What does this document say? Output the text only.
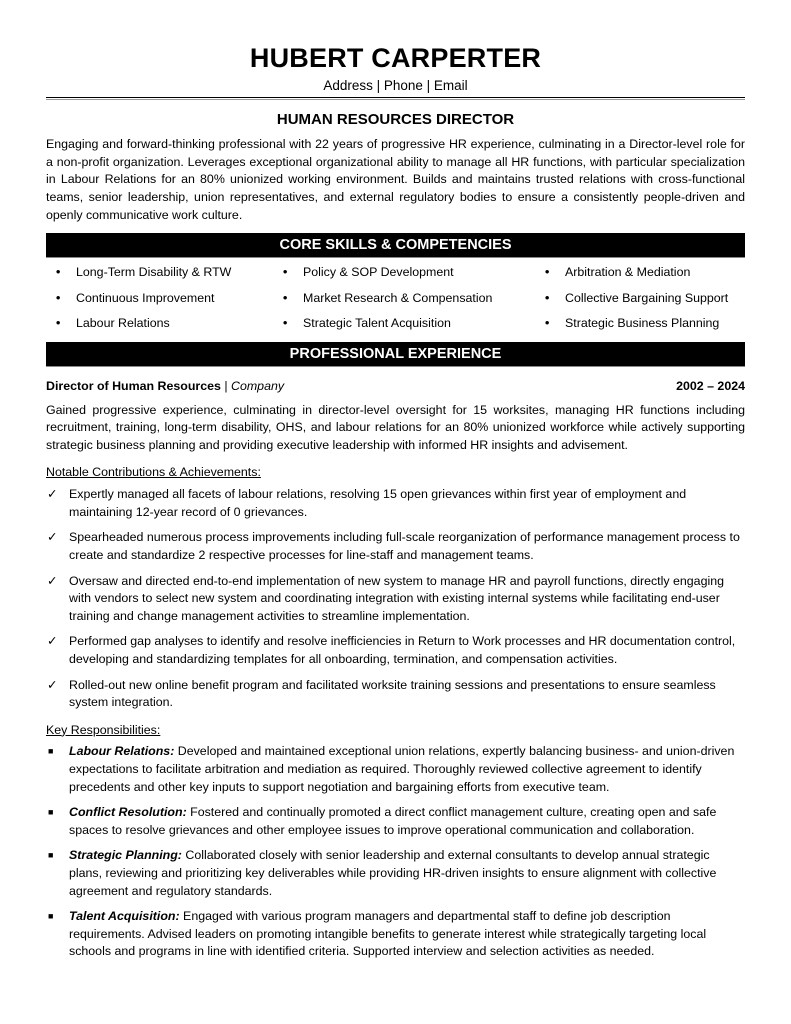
HUBERT CARPERTER
Address | Phone | Email
HUMAN RESOURCES DIRECTOR

Engaging and forward-thinking professional with 22 years of progressive HR experience, culminating in a Director-level role for a non-profit organization. Leverages exceptional organizational ability to manage all HR functions, with particular specialization in Labour Relations for an 80% unionized working environment. Builds and maintains trusted relations with cross-functional teams, senior leadership, union representatives, and external regulatory bodies to ensure a consistently people-driven and openly communicative work culture.

CORE SKILLS & COMPETENCIES
• Long-Term Disability & RTW	• Policy & SOP Development	• Arbitration & Mediation
• Continuous Improvement	• Market Research & Compensation	• Collective Bargaining Support
• Labour Relations	• Strategic Talent Acquisition	• Strategic Business Planning
PROFESSIONAL EXPERIENCE
Director of Human Resources | Company	2002 – 2024

Gained progressive experience, culminating in director-level oversight for 15 worksites, managing HR functions including recruitment, training, long-term disability, OHS, and labour relations for an 80% unionized workforce while actively supporting strategic business planning and providing executive leadership with informed HR insights and advisement.

Notable Contributions & Achievements:
✓ Expertly managed all facets of labour relations, resolving 15 open grievances within first year of employment and maintaining 12-year record of 0 grievances.
✓ Spearheaded numerous process improvements including full-scale reorganization of performance management process to create and standardize 2 respective processes for line-staff and management teams.
✓ Oversaw and directed end-to-end implementation of new system to manage HR and payroll functions, directly engaging with vendors to select new system and coordinating integration with existing internal systems while facilitating end-user training and change management activities to streamline implementation.
✓ Performed gap analyses to identify and resolve inefficiencies in Return to Work processes and HR documentation control, developing and standardizing templates for all onboarding, termination, and compensation activities.
✓ Rolled-out new online benefit program and facilitated worksite training sessions and presentations to ensure seamless system integration.
Key Responsibilities:
■ Labour Relations: Developed and maintained exceptional union relations, expertly balancing business- and union-driven expectations to facilitate arbitration and mediation as required. Thoroughly reviewed collective agreement to identify precedents and other key inputs to support negotiation and bargaining efforts from executive team.
■ Conflict Resolution: Fostered and continually promoted a direct conflict management culture, creating open and safe spaces to resolve grievances and other employee issues to improve operational communication and collaboration.
■ Strategic Planning: Collaborated closely with senior leadership and external consultants to develop annual strategic plans, reviewing and prioritizing key deliverables while providing HR-driven insights to ensure alignment with collective agreement and regulatory standards.
■ Talent Acquisition: Engaged with various program managers and departmental staff to define job description requirements. Advised leaders on promoting intangible benefits to generate interest while strategically targeting local schools and programs in line with identified criteria. Supported interview and selection activities as needed.
